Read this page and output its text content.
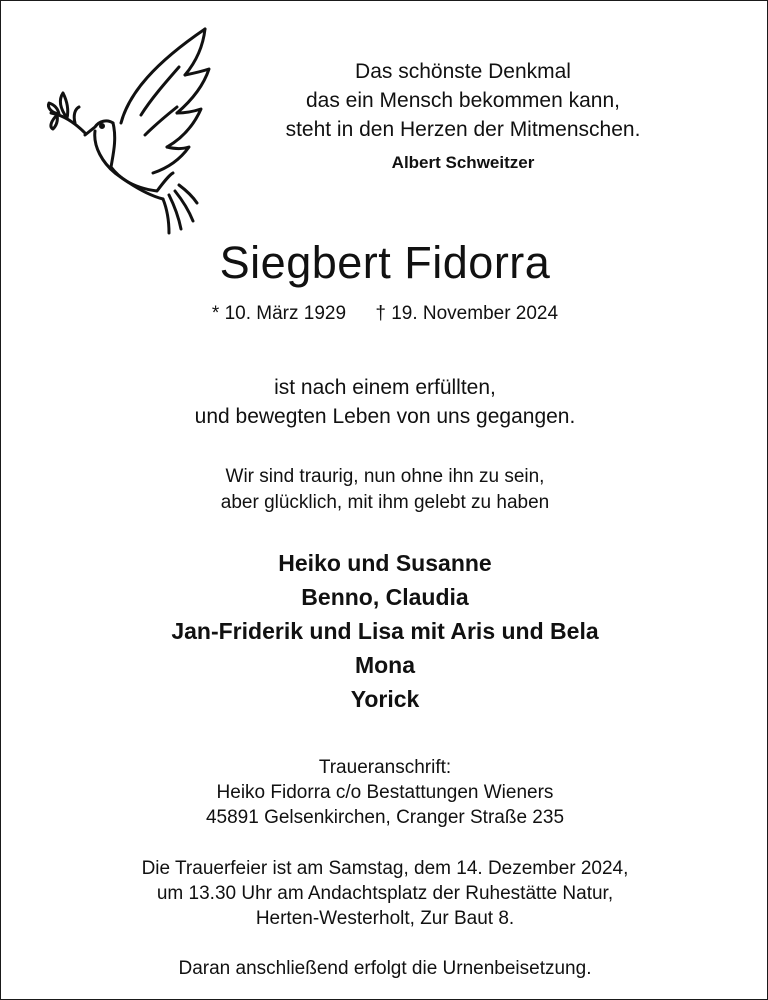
Das schönste Denkmal
das ein Mensch bekommen kann,
steht in den Herzen der Mitmenschen.
Albert Schweitzer
Siegbert Fidorra
* 10. März 1929 † 19. November 2024
ist nach einem erfüllten,
und bewegten Leben von uns gegangen.
Wir sind traurig, nun ohne ihn zu sein,
aber glücklich, mit ihm gelebt zu haben
Heiko und Susanne
Benno, Claudia
Jan-Friderik und Lisa mit Aris und Bela
Mona
Yorick
Traueranschrift:
Heiko Fidorra c/o Bestattungen Wieners
45891 Gelsenkirchen, Cranger Straße 235
Die Trauerfeier ist am Samstag, dem 14. Dezember 2024,
um 13.30 Uhr am Andachtsplatz der Ruhestätte Natur,
Herten-Westerholt, Zur Baut 8.
Daran anschließend erfolgt die Urnenbeisetzung.
